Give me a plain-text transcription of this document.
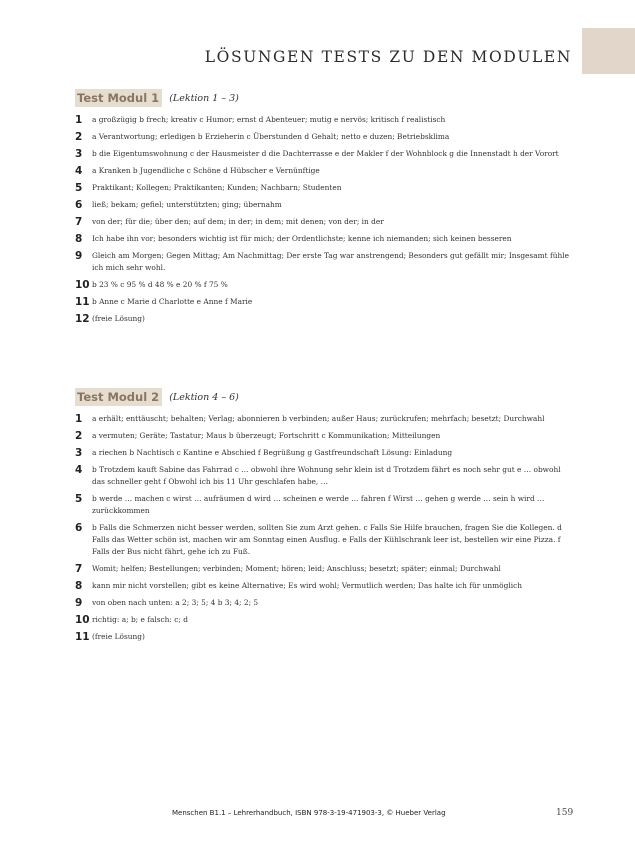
LÖSUNGEN TESTS ZU DEN MODULEN
Test Modul 1	(Lektion 1 – 3)
1	a großzügig b frech; kreativ c Humor; ernst d Abenteuer; mutig e nervös; kritisch f realistisch
2	a Verantwortung; erledigen b Erzieherin c Überstunden d Gehalt; netto e duzen; Betriebsklima
3	b die Eigentumswohnung c der Hausmeister d die Dachterrasse e der Makler f der Wohnblock g die Innenstadt h der Vorort
4	a Kranken b Jugendliche c Schöne d Hübscher e Vernünftige
5	Praktikant; Kollegen; Praktikanten; Kunden; Nachbarn; Studenten
6	ließ; bekam; gefiel; unterstützten; ging; übernahm
7	von der; für die; über den; auf dem; in der; in dem; mit denen; von der; in der
8	Ich habe ihn vor; besonders wichtig ist für mich; der Ordentlichste; kenne ich niemanden; sich keinen besseren
9	Gleich am Morgen; Gegen Mittag; Am Nachmittag; Der erste Tag war anstrengend; Besonders gut gefällt mir; Insgesamt fühle ich mich sehr wohl.
10 b 23 % c 95 % d 48 % e 20 % f 75 %
11 b Anne c Marie d Charlotte e Anne f Marie
12 (freie Lösung)
Test Modul 2	(Lektion 4 – 6)
1	a erhält; enttäuscht; behalten; Verlag; abonnieren b verbinden; außer Haus; zurückrufen; mehrfach; besetzt; Durchwahl
2	a vermuten; Geräte; Tastatur; Maus b überzeugt; Fortschritt c Kommunikation; Mitteilungen
3	a riechen b Nachtisch c Kantine e Abschied f Begrüßung g Gastfreundschaft Lösung: Einladung
4	b Trotzdem kauft Sabine das Fahrrad c … obwohl ihre Wohnung sehr klein ist d Trotzdem fährt es noch sehr gut e … obwohl das schneller geht f Obwohl ich bis 11 Uhr geschlafen habe, …
5	b werde … machen c wirst … aufräumen d wird … scheinen e werde … fahren f Wirst … gehen g werde … sein h wird … zurückkommen
6	b Falls die Schmerzen nicht besser werden, sollten Sie zum Arzt gehen. c Falls Sie Hilfe brauchen, fragen Sie die Kollegen. d Falls das Wetter schön ist, machen wir am Sonntag einen Ausflug. e Falls der Kühlschrank leer ist, bestellen wir eine Pizza. f Falls der Bus nicht fährt, gehe ich zu Fuß.
7	Womit; helfen; Bestellungen; verbinden; Moment; hören; leid; Anschluss; besetzt; später; einmal; Durchwahl
8	kann mir nicht vorstellen; gibt es keine Alternative; Es wird wohl; Vermutlich werden; Das halte ich für unmöglich
9	von oben nach unten: a 2; 3; 5; 4 b 3; 4; 2; 5
10 richtig: a; b; e falsch: c; d
11 (freie Lösung)
Menschen B1.1 – Lehrerhandbuch, ISBN 978-3-19-471903-3, © Hueber Verlag	159
